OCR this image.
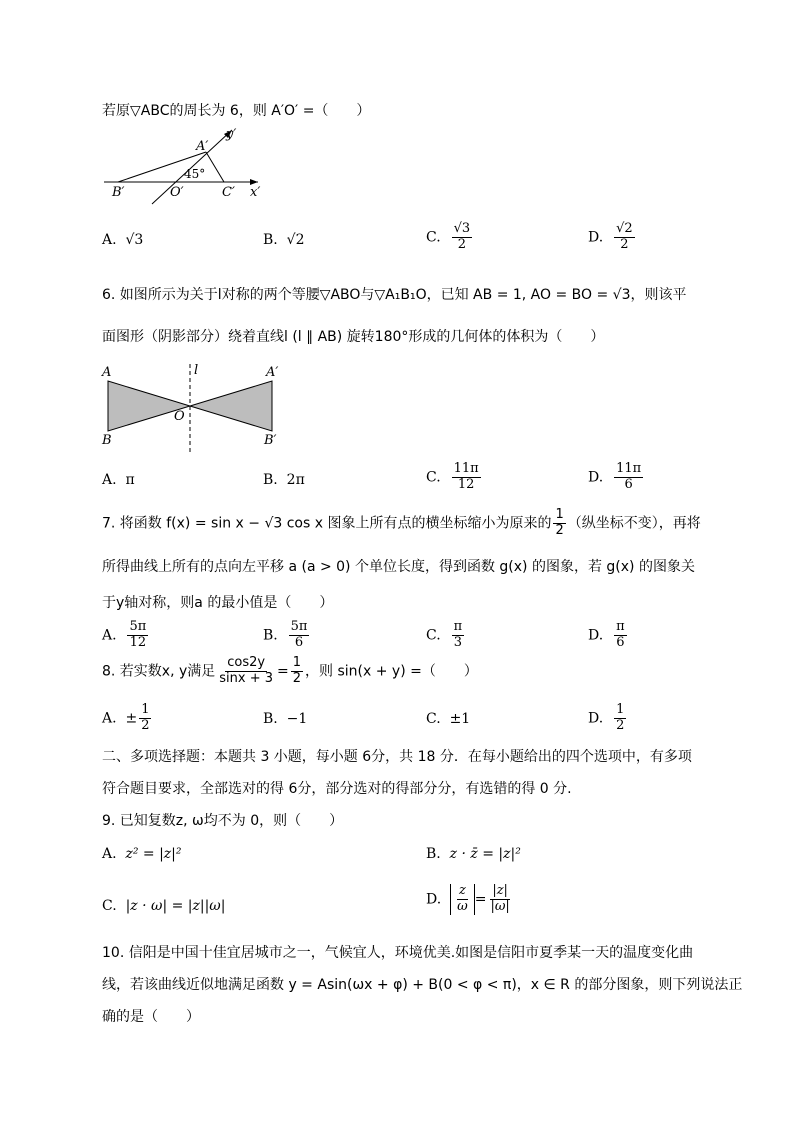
若原▽ABC的周长为 6，则 A′O′ =（　　）
y′
A′
45°
B′	O′	C′ x′
A. √3	B. √2	C. $\frac{√3}{2}$	D. $\frac{√2}{2}$
6. 如图所示为关于l对称的两个等腰▽ABO与▽A₁B₁O，已知 AB = 1, AO = BO = √3，则该平
面图形（阴影部分）绕着直线l (l ∥ AB) 旋转180°形成的几何体的体积为（　　）
A	l	A′
O
B	B′
A. π	B. 2π	C. $\frac{11\pi}{12}$	D. $\frac{11\pi}{6}$
7. 将函数 f(x) = sin x − √3 cos x 图象上所有点的横坐标缩小为原来的 $\frac{1}{2}$ （纵坐标不变），再将
所得曲线上所有的点向左平移 a (a > 0) 个单位长度，得到函数 g(x) 的图象，若 g(x) 的图象关
于y轴对称，则a 的最小值是（　　）
A. $\frac{5\pi}{12}$	B. $\frac{5\pi}{6}$	C. $\frac{\pi}{3}$	D. $\frac{\pi}{6}$
8. 若实数x, y满足 $\frac{\cos 2y}{\sin x + 3} = \frac{1}{2}$ ，则 sin(x + y) =（　　）
A. ± $\frac{1}{2}$	B. −1	C. ±1	D. $\frac{1}{2}$
二、多项选择题：本题共 3 小题，每小题 6分，共 18 分．在每小题给出的四个选项中，有多项
符合题目要求，全部选对的得 6分，部分选对的得部分分，有选错的得 0 分.
9. 已知复数z, ω均不为 0，则（　　）
A. z² = |z|²	B. z · z̄ = |z|²
C. |z · ω| = |z||ω|	D. $\frac{z}{\omega} = \frac{|z|}{|\omega|}$
10. 信阳是中国十佳宜居城市之一，气候宜人，环境优美.如图是信阳市夏季某一天的温度变化曲
线，若该曲线近似地满足函数 y = Asin(ωx + φ) + B(0 < φ < π)，x ∈ R 的部分图象，则下列说法正
确的是（　　）
